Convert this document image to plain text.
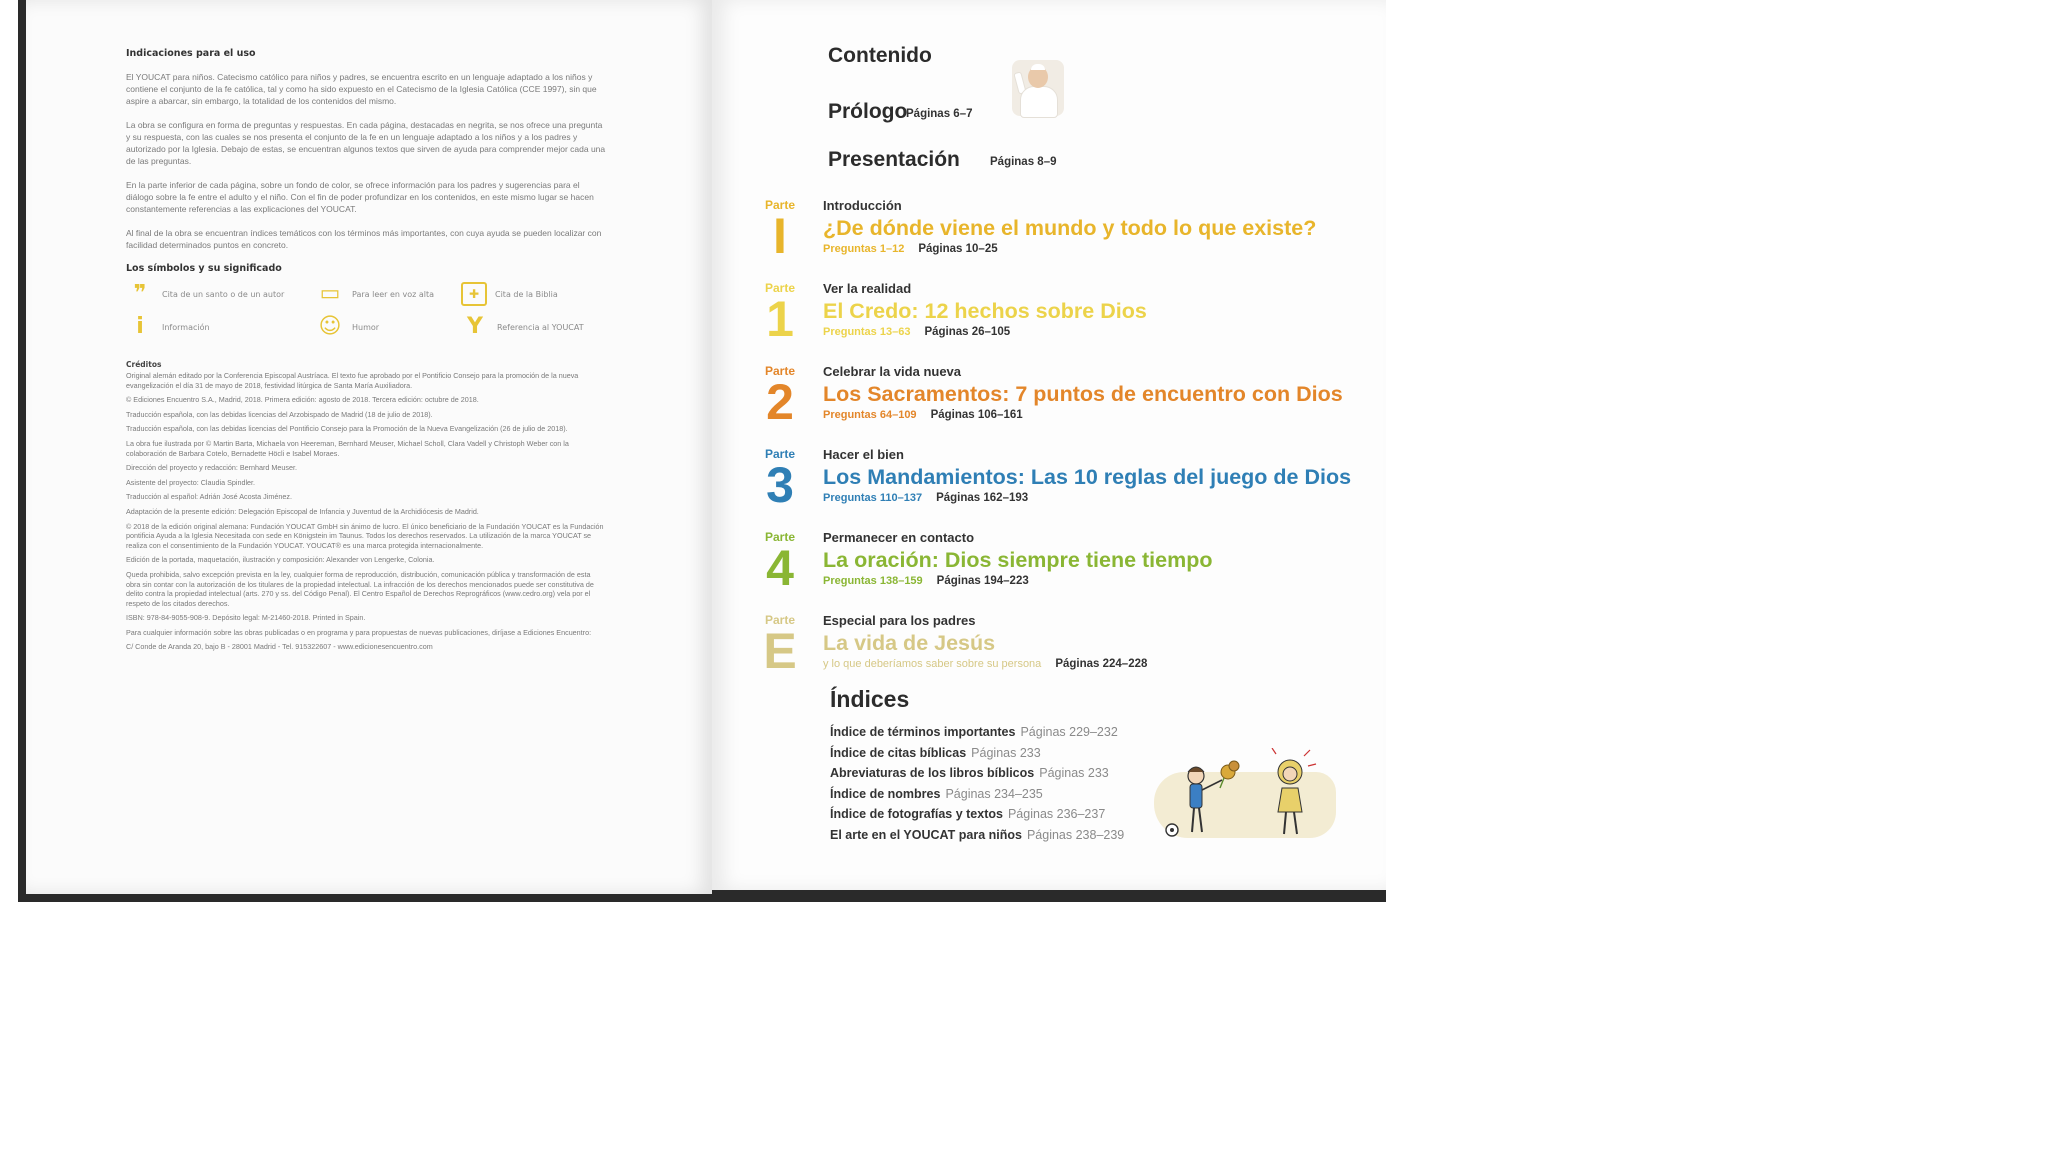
Indicaciones para el uso

El YOUCAT para niños. Catecismo católico para niños y padres, se encuentra escrito en un lenguaje adaptado a los niños y contiene el conjunto de la fe católica, tal y como ha sido expuesto en el Catecismo de la Iglesia Católica (CCE 1997), sin que aspire a abarcar, sin embargo, la totalidad de los contenidos del mismo.

La obra se configura en forma de preguntas y respuestas. En cada página, destacadas en negrita, se nos ofrece una pregunta y su respuesta, con las cuales se nos presenta el conjunto de la fe en un lenguaje adaptado a los niños y a los padres y autorizado por la Iglesia. Debajo de estas, se encuentran algunos textos que sirven de ayuda para comprender mejor cada una de las preguntas.

En la parte inferior de cada página, sobre un fondo de color, se ofrece información para los padres y sugerencias para el diálogo sobre la fe entre el adulto y el niño. Con el fin de poder profundizar en los contenidos, en este mismo lugar se hacen constantemente referencias a las explicaciones del YOUCAT.

Al final de la obra se encuentran índices temáticos con los términos más importantes, con cuya ayuda se pueden localizar con facilidad determinados puntos en concreto.

Los símbolos y su significado
❞	Cita de un santo o de un autor ▭	Para leer en voz alta	✚	Cita de la Biblia
i	Información	☺	Humor	Y	Referencia al YOUCAT
Créditos

Original alemán editado por la Conferencia Episcopal Austríaca. El texto fue aprobado por el Pontificio Consejo para la promoción de la nueva evangelización el día 31 de mayo de 2018, festividad litúrgica de Santa María Auxiliadora.

© Ediciones Encuentro S.A., Madrid, 2018. Primera edición: agosto de 2018. Tercera edición: octubre de 2018.

Traducción española, con las debidas licencias del Arzobispado de Madrid (18 de julio de 2018).

Traducción española, con las debidas licencias del Pontificio Consejo para la Promoción de la Nueva Evangelización (26 de julio de 2018).

La obra fue ilustrada por © Martin Barta, Michaela von Heereman, Bernhard Meuser, Michael Scholl, Clara Vadell y Christoph Weber con la colaboración de Barbara Cotelo, Bernadette Höcli e Isabel Moraes.

Dirección del proyecto y redacción: Bernhard Meuser.

Asistente del proyecto: Claudia Spindler.

Traducción al español: Adrián José Acosta Jiménez.

Adaptación de la presente edición: Delegación Episcopal de Infancia y Juventud de la Archidiócesis de Madrid.

© 2018 de la edición original alemana: Fundación YOUCAT GmbH sin ánimo de lucro. El único beneficiario de la Fundación YOUCAT es la Fundación pontificia Ayuda a la Iglesia Necesitada con sede en Königstein im Taunus. Todos los derechos reservados. La utilización de la marca YOUCAT se realiza con el consentimiento de la Fundación YOUCAT. YOUCAT® es una marca protegida internacionalmente.

Edición de la portada, maquetación, ilustración y composición: Alexander von Lengerke, Colonia.

Queda prohibida, salvo excepción prevista en la ley, cualquier forma de reproducción, distribución, comunicación pública y transformación de esta obra sin contar con la autorización de los titulares de la propiedad intelectual. La infracción de los derechos mencionados puede ser constitutiva de delito contra la propiedad intelectual (arts. 270 y ss. del Código Penal). El Centro Español de Derechos Reprográficos (www.cedro.org) vela por el respeto de los citados derechos.

ISBN: 978-84-9055-908-9. Depósito legal: M-21460-2018. Printed in Spain.

Para cualquier información sobre las obras publicadas o en programa y para propuestas de nuevas publicaciones, diríjase a Ediciones Encuentro:

C/ Conde de Aranda 20, bajo B - 28001 Madrid - Tel. 915322607 - www.edicionesencuentro.com

Contenido
Prólogo
Páginas 6–7
Presentación	Páginas 8–9
Parte
I
Introducción
¿De dónde viene el mundo y todo lo que existe?
Preguntas 1–12 Páginas 10–25
Parte
1
Ver la realidad
El Credo: 12 hechos sobre Dios
Preguntas 13–63 Páginas 26–105
Parte
2
Celebrar la vida nueva
Los Sacramentos: 7 puntos de encuentro con Dios
Preguntas 64–109 Páginas 106–161
Parte
3
Hacer el bien
Los Mandamientos: Las 10 reglas del juego de Dios
Preguntas 110–137 Páginas 162–193
Parte
4
Permanecer en contacto
La oración: Dios siempre tiene tiempo
Preguntas 138–159 Páginas 194–223
Parte
E
Especial para los padres
La vida de Jesús
y lo que deberíamos saber sobre su persona Páginas 224–228
Índices
Índice de términos importantes Páginas 229–232
Índice de citas bíblicas Páginas 233
Abreviaturas de los libros bíblicos Páginas 233
Índice de nombres Páginas 234–235
Índice de fotografías y textos Páginas 236–237
El arte en el YOUCAT para niños Páginas 238–239
